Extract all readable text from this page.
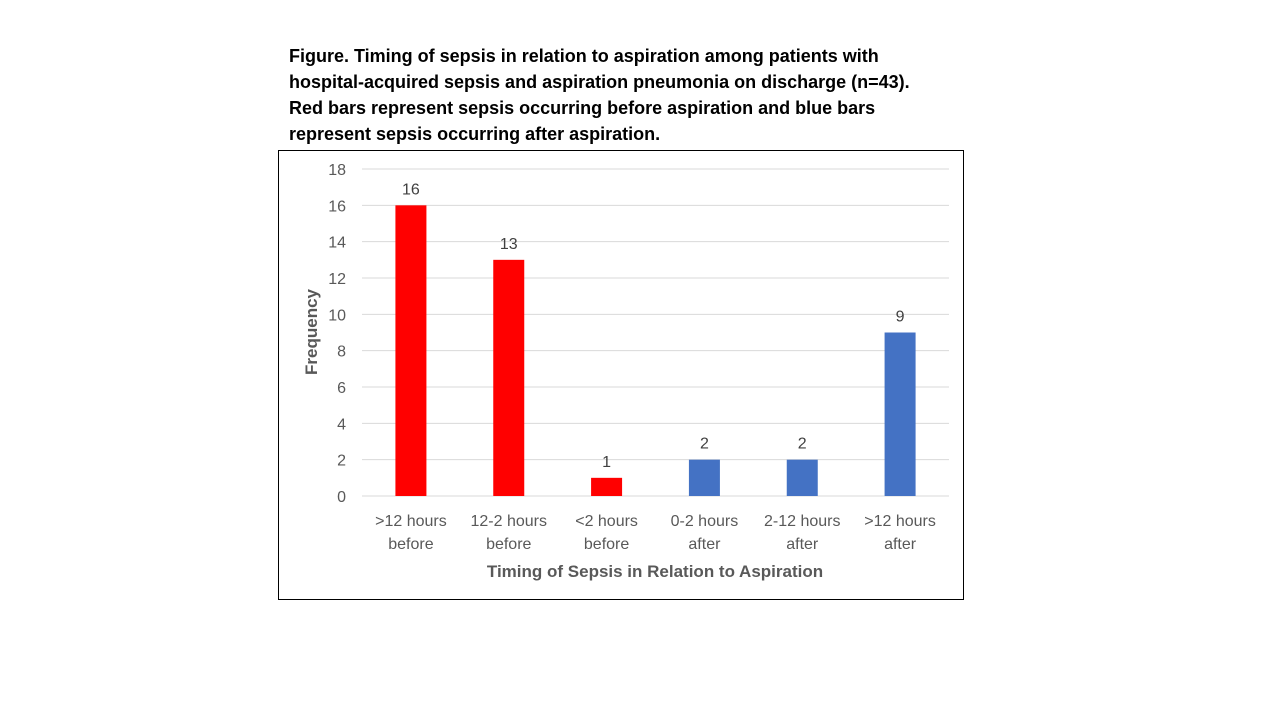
Figure. Timing of sepsis in relation to aspiration among patients with
hospital-acquired sepsis and aspiration pneumonia on discharge (n=43).
Red bars represent sepsis occurring before aspiration and blue bars
represent sepsis occurring after aspiration.
0
2
4
6
8
10
12
14
16
18
16
13
1
2	2
9
>12 hours
before
12-2 hours
before
<2 hours
before
0-2 hours
after
2-12 hours
after
>12 hours
after
Frequency
Timing of Sepsis in Relation to Aspiration
